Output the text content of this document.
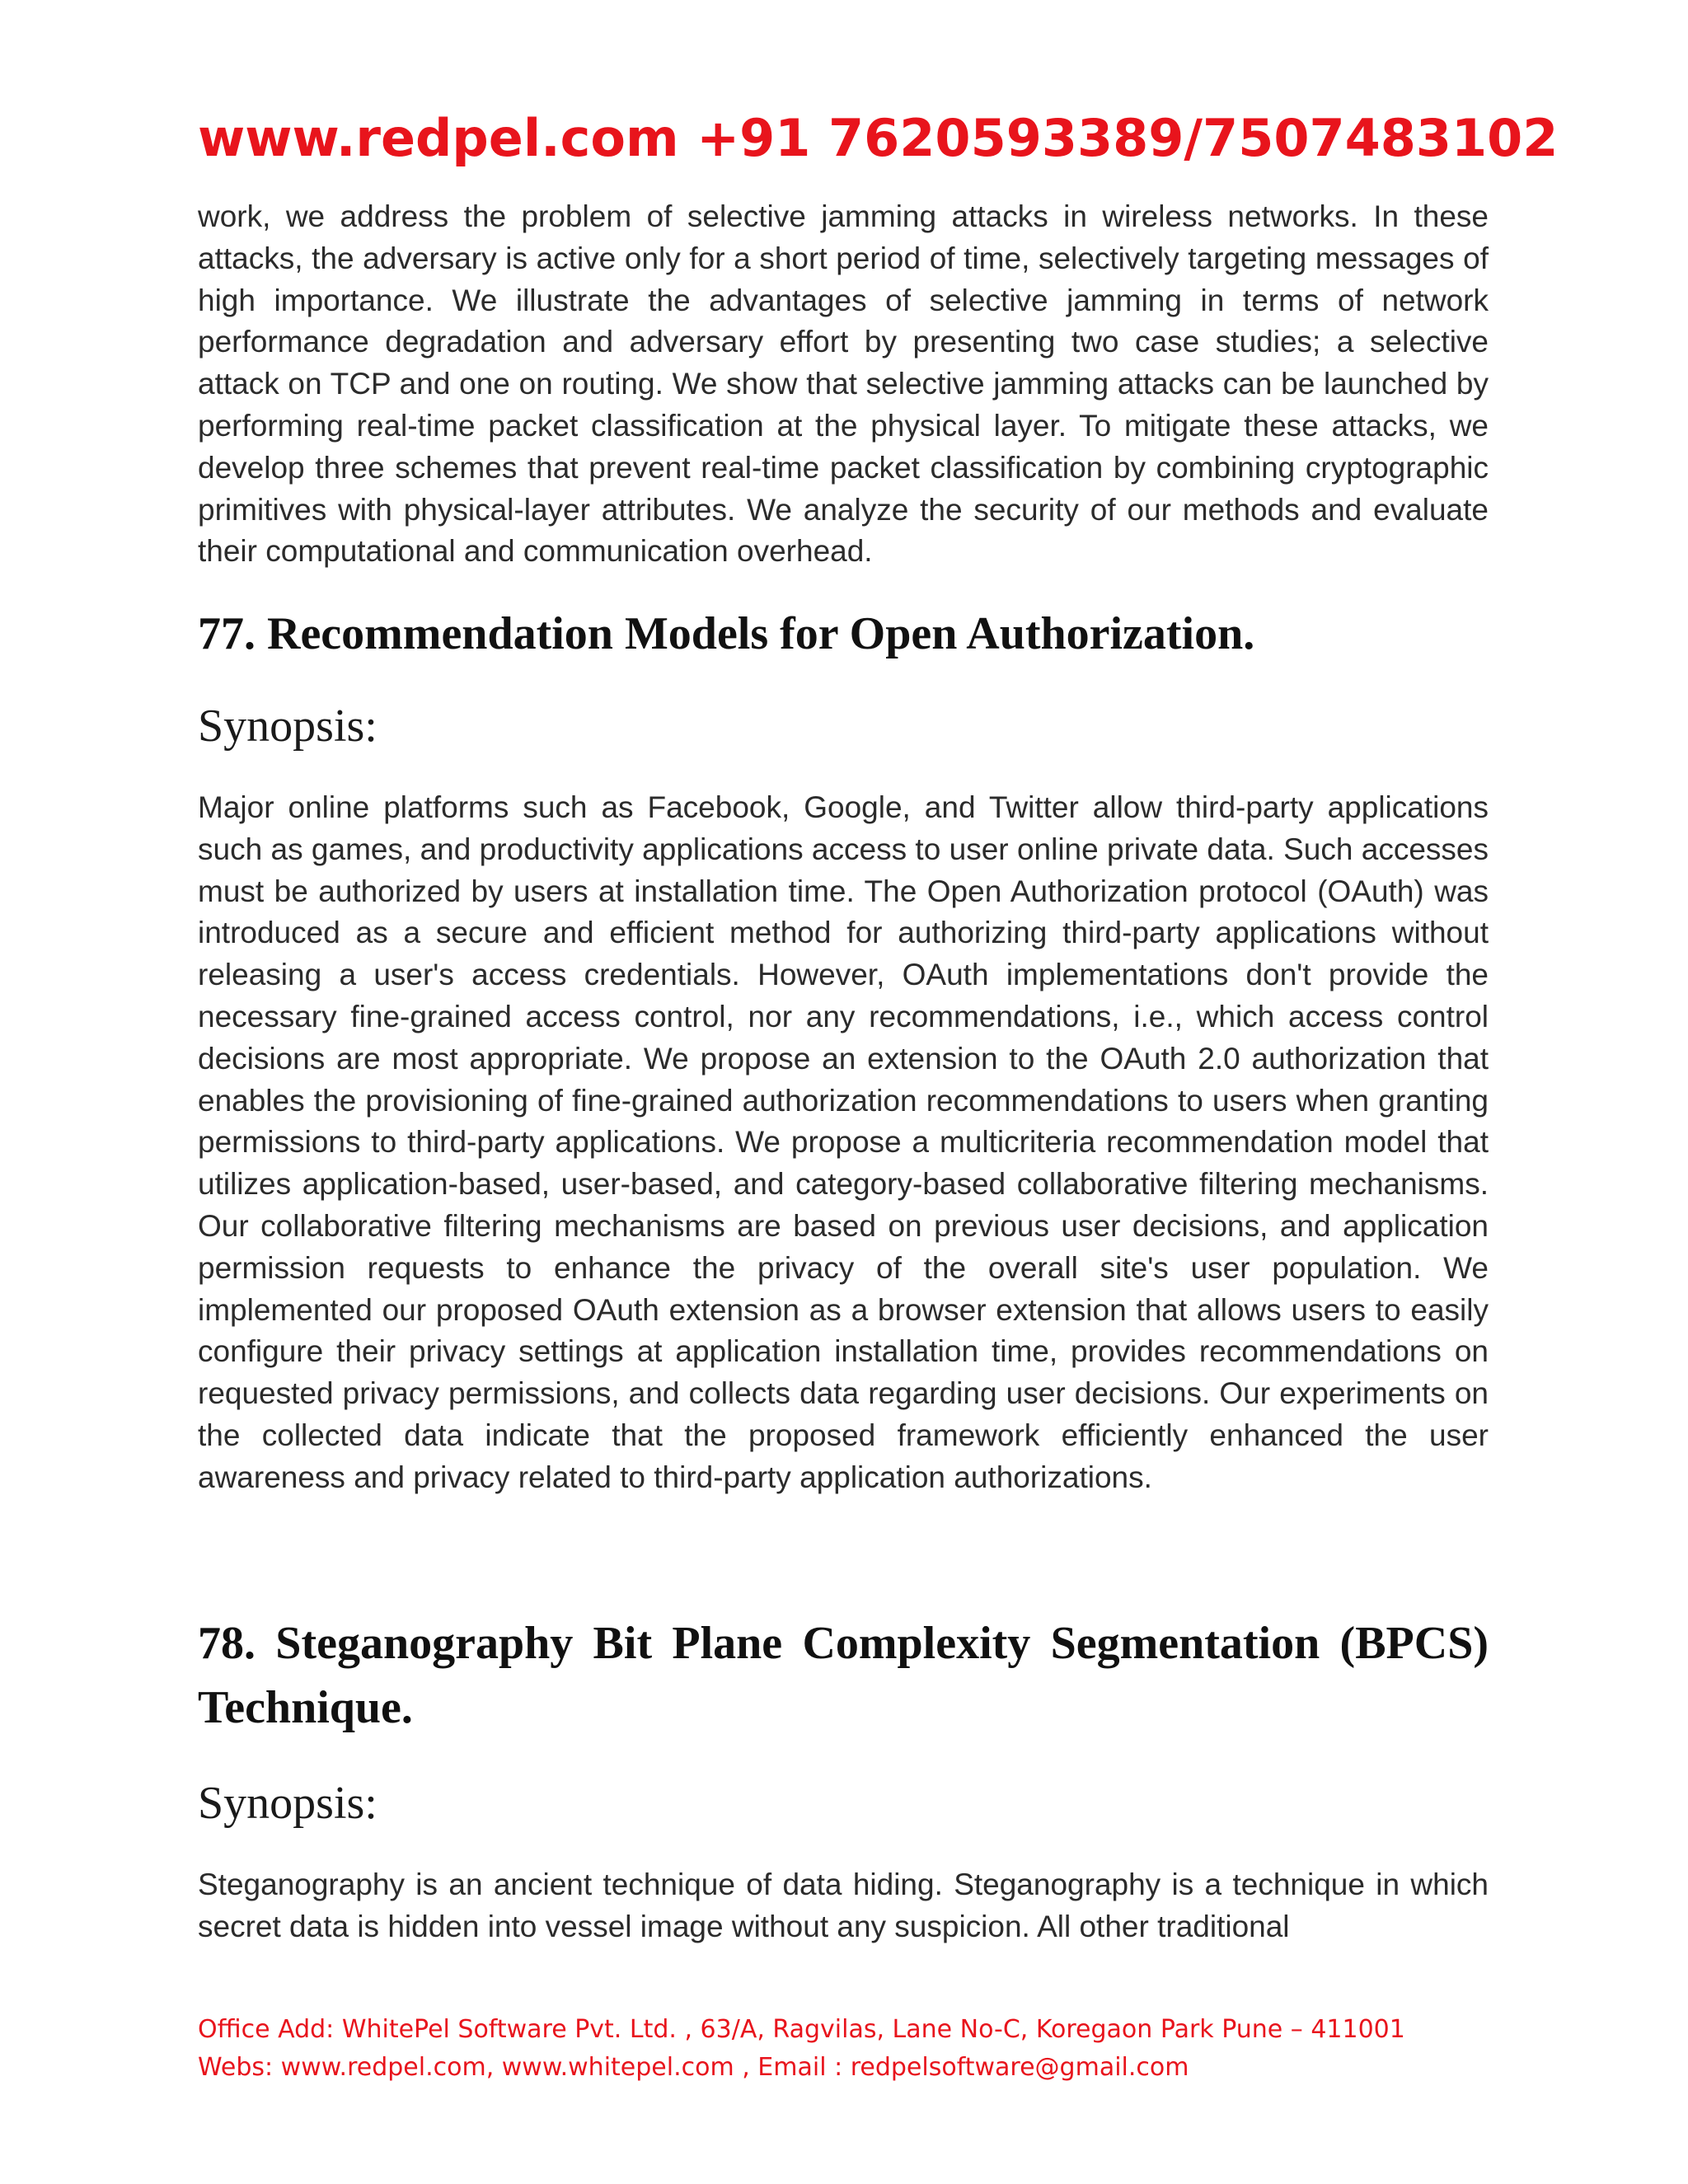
www.redpel.com +91 7620593389/7507483102

work, we address the problem of selective jamming attacks in wireless networks. In these attacks, the adversary is active only for a short period of time, selectively targeting messages of high importance. We illustrate the advantages of selective jamming in terms of network performance degradation and adversary effort by presenting two case studies; a selective attack on TCP and one on routing. We show that selective jamming attacks can be launched by performing real-time packet classification at the physical layer. To mitigate these attacks, we develop three schemes that prevent real-time packet classification by combining cryptographic primitives with physical-layer attributes. We analyze the security of our methods and evaluate their computational and communication overhead.

77. Recommendation Models for Open Authorization.
Synopsis:

Major online platforms such as Facebook, Google, and Twitter allow third-party applications such as games, and productivity applications access to user online private data. Such accesses must be authorized by users at installation time. The Open Authorization protocol (OAuth) was introduced as a secure and efficient method for authorizing third-party applications without releasing a user's access credentials. However, OAuth implementations don't provide the necessary fine-grained access control, nor any recommendations, i.e., which access control decisions are most appropriate. We propose an extension to the OAuth 2.0 authorization that enables the provisioning of fine-grained authorization recommendations to users when granting permissions to third-party applications. We propose a multicriteria recommendation model that utilizes application-based, user-based, and category-based collaborative filtering mechanisms. Our collaborative filtering mechanisms are based on previous user decisions, and application permission requests to enhance the privacy of the overall site's user population. We implemented our proposed OAuth extension as a browser extension that allows users to easily configure their privacy settings at application installation time, provides recommendations on requested privacy permissions, and collects data regarding user decisions. Our experiments on the collected data indicate that the proposed framework efficiently enhanced the user awareness and privacy related to third-party application authorizations.

78. Steganography Bit Plane Complexity Segmentation (BPCS) Technique.
Synopsis:

Steganography is an ancient technique of data hiding. Steganography is a technique in which secret data is hidden into vessel image without any suspicion. All other traditional

Office Add: WhitePel Software Pvt. Ltd. , 63/A, Ragvilas, Lane No-C, Koregaon Park Pune – 411001
Webs: www.redpel.com, www.whitepel.com , Email : redpelsoftware@gmail.com
